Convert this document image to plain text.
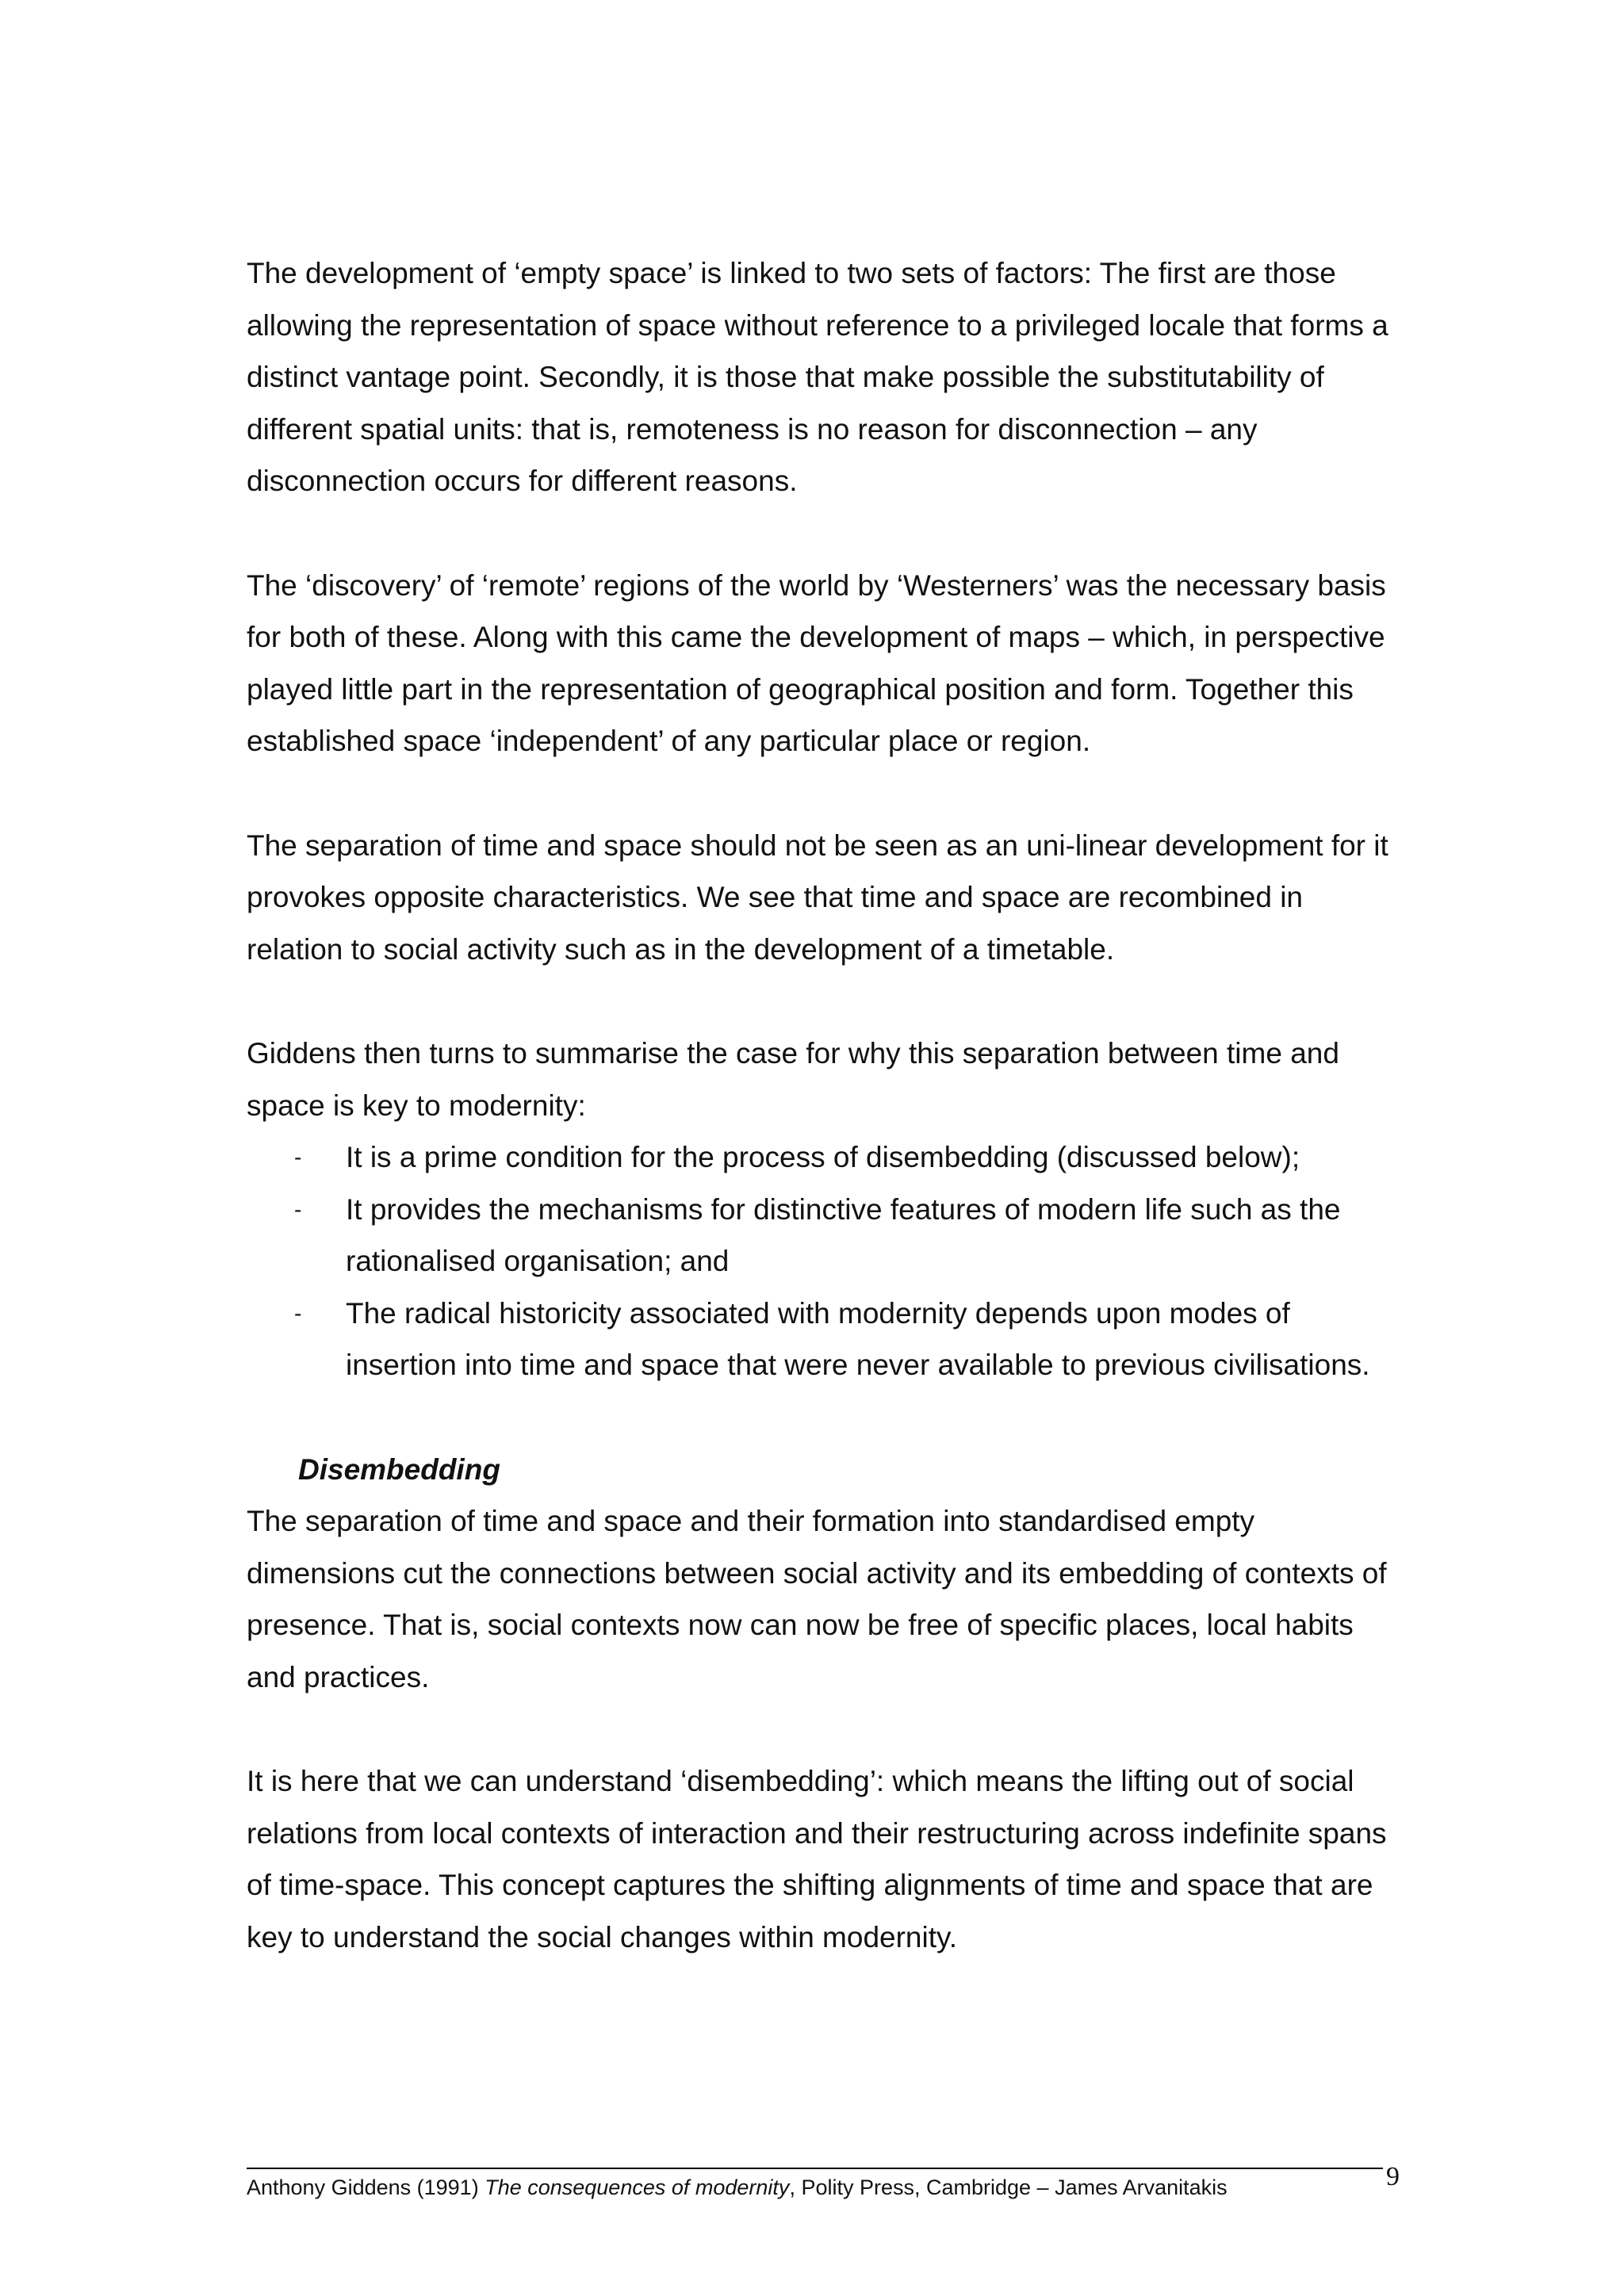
The development of ‘empty space’ is linked to two sets of factors: The first are those allowing the representation of space without reference to a privileged locale that forms a distinct vantage point. Secondly, it is those that make possible the substitutability of different spatial units: that is, remoteness is no reason for disconnection – any disconnection occurs for different reasons.

The ‘discovery’ of ‘remote’ regions of the world by ‘Westerners’ was the necessary basis for both of these. Along with this came the development of maps – which, in perspective played little part in the representation of geographical position and form. Together this established space ‘independent’ of any particular place or region.

The separation of time and space should not be seen as an uni-linear development for it provokes opposite characteristics. We see that time and space are recombined in relation to social activity such as in the development of a timetable.

Giddens then turns to summarise the case for why this separation between time and space is key to modernity:

- It is a prime condition for the process of disembedding (discussed below);
- It provides the mechanisms for distinctive features of modern life such as the rationalised organisation; and
- The radical historicity associated with modernity depends upon modes of insertion into time and space that were never available to previous civilisations.

Disembedding

The separation of time and space and their formation into standardised empty dimensions cut the connections between social activity and its embedding of contexts of presence. That is, social contexts now can now be free of specific places, local habits and practices.

It is here that we can understand ‘disembedding’: which means the lifting out of social relations from local contexts of interaction and their restructuring across indefinite spans of time-space. This concept captures the shifting alignments of time and space that are key to understand the social changes within modernity.

Anthony Giddens (1991) The consequences of modernity, Polity Press, Cambridge – James Arvanitakis	9
